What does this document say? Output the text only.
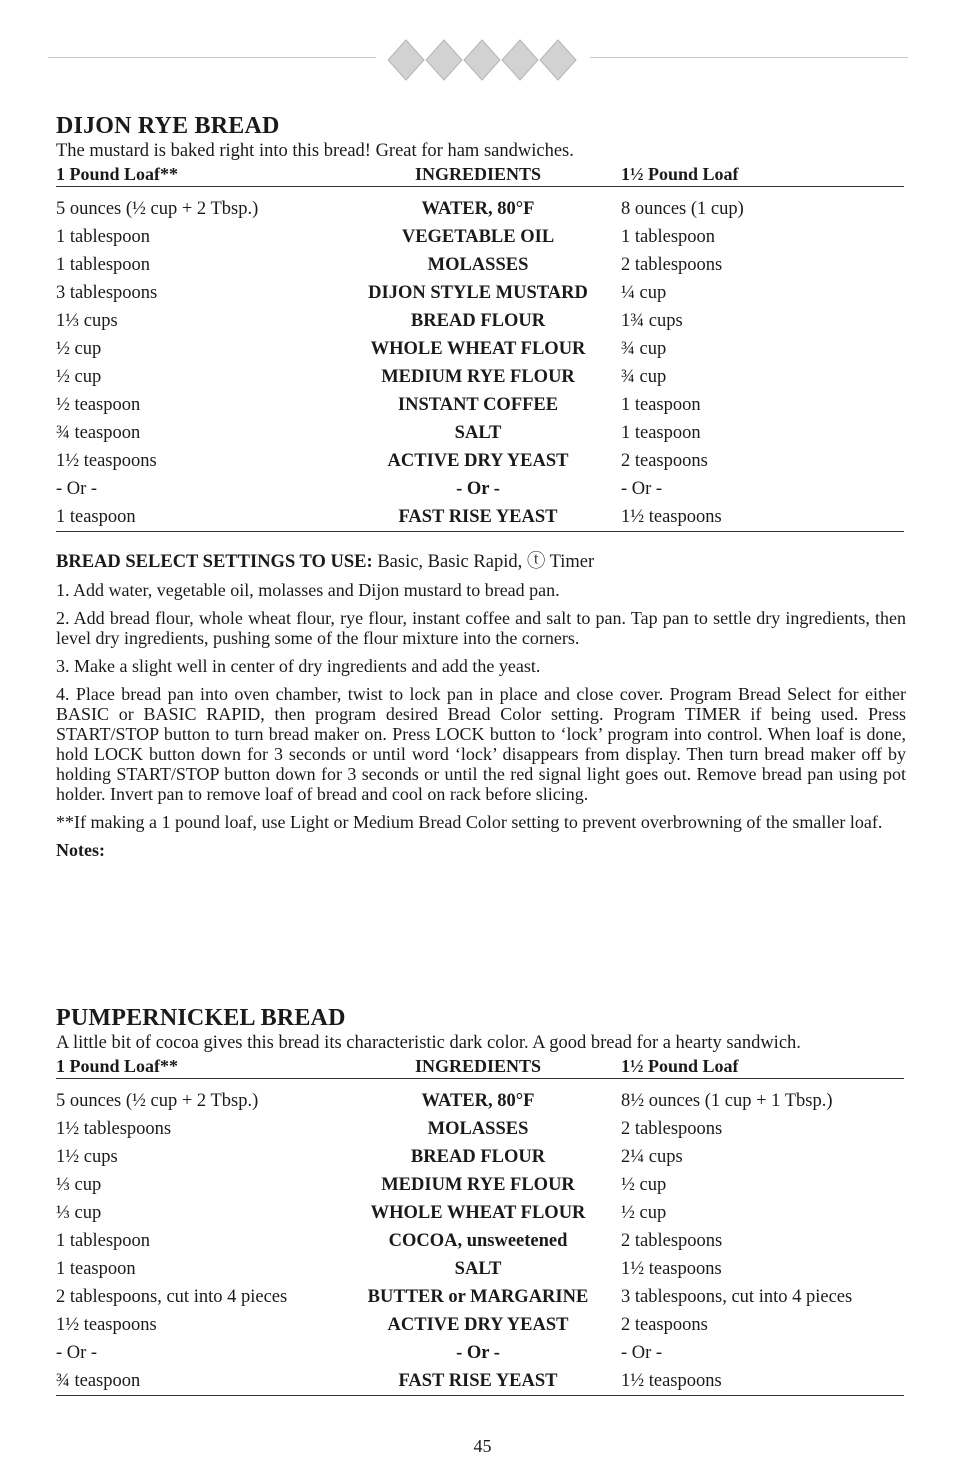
DIJON RYE BREAD

The mustard is baked right into this bread! Great for ham sandwiches.

1 Pound Loaf**	INGREDIENTS	1½ Pound Loaf
5 ounces (½ cup + 2 Tbsp.)	WATER, 80°F	8 ounces (1 cup)
1 tablespoon	VEGETABLE OIL	1 tablespoon
1 tablespoon	MOLASSES	2 tablespoons
3 tablespoons	DIJON STYLE MUSTARD ¼ cup
1⅓ cups	BREAD FLOUR	1¾ cups
½ cup	WHOLE WHEAT FLOUR ¾ cup
½ cup	MEDIUM RYE FLOUR ¾ cup
½ teaspoon	INSTANT COFFEE	1 teaspoon
¾ teaspoon	SALT	1 teaspoon
1½ teaspoons	ACTIVE DRY YEAST	2 teaspoons
- Or -	- Or -	- Or -
1 teaspoon	FAST RISE YEAST	1½ teaspoons

BREAD SELECT SETTINGS TO USE: Basic, Basic Rapid, ⓣ Timer

1. Add water, vegetable oil, molasses and Dijon mustard to bread pan.

2. Add bread flour, whole wheat flour, rye flour, instant coffee and salt to pan. Tap pan to settle dry ingredients, then level dry ingredients, pushing some of the flour mixture into the corners.

3. Make a slight well in center of dry ingredients and add the yeast.

4. Place bread pan into oven chamber, twist to lock pan in place and close cover. Program Bread Select for either BASIC or BASIC RAPID, then program desired Bread Color setting. Program TIMER if being used. Press START/STOP button to turn bread maker on. Press LOCK button to ‘lock’ program into control. When loaf is done, hold LOCK button down for 3 seconds or until word ‘lock’ disappears from display. Then turn bread maker off by holding START/STOP button down for 3 seconds or until the red signal light goes out. Remove bread pan using pot holder. Invert pan to remove loaf of bread and cool on rack before slicing.

**If making a 1 pound loaf, use Light or Medium Bread Color setting to prevent overbrowning of the smaller loaf.

Notes:

PUMPERNICKEL BREAD

A little bit of cocoa gives this bread its characteristic dark color. A good bread for a hearty sandwich.

1 Pound Loaf**	INGREDIENTS	1½ Pound Loaf
5 ounces (½ cup + 2 Tbsp.)	WATER, 80°F	8½ ounces (1 cup + 1 Tbsp.)
1½ tablespoons	MOLASSES	2 tablespoons
1½ cups	BREAD FLOUR	2¼ cups
⅓ cup	MEDIUM RYE FLOUR ½ cup
⅓ cup	WHOLE WHEAT FLOUR ½ cup
1 tablespoon	COCOA, unsweetened	2 tablespoons
1 teaspoon	SALT	1½ teaspoons
2 tablespoons, cut into 4 pieces	BUTTER or MARGARINE 3 tablespoons, cut into 4 pieces
1½ teaspoons	ACTIVE DRY YEAST	2 teaspoons
- Or -	- Or -	- Or -
¾ teaspoon	FAST RISE YEAST	1½ teaspoons
45
